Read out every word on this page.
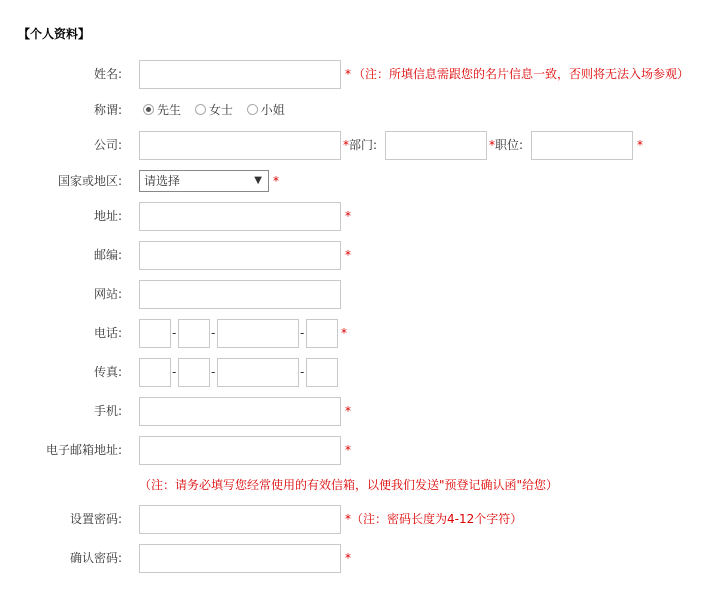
【个人资料】
姓名:	* （注：所填信息需跟您的名片信息一致，否则将无法入场参观）
称谓:	先生 女士 小姐
公司:	* 部门:	* 职位:	*
国家或地区:	请选择	▼ *
地址:	*
邮编:	*
网站:
电话:	-	-	-	*
传真:	-	-	-
手机:	*
电子邮箱地址:	*
（注：请务必填写您经常使用的有效信箱，以便我们发送"预登记确认函"给您）
设置密码:	* （注：密码长度为4-12个字符）
确认密码:	*
